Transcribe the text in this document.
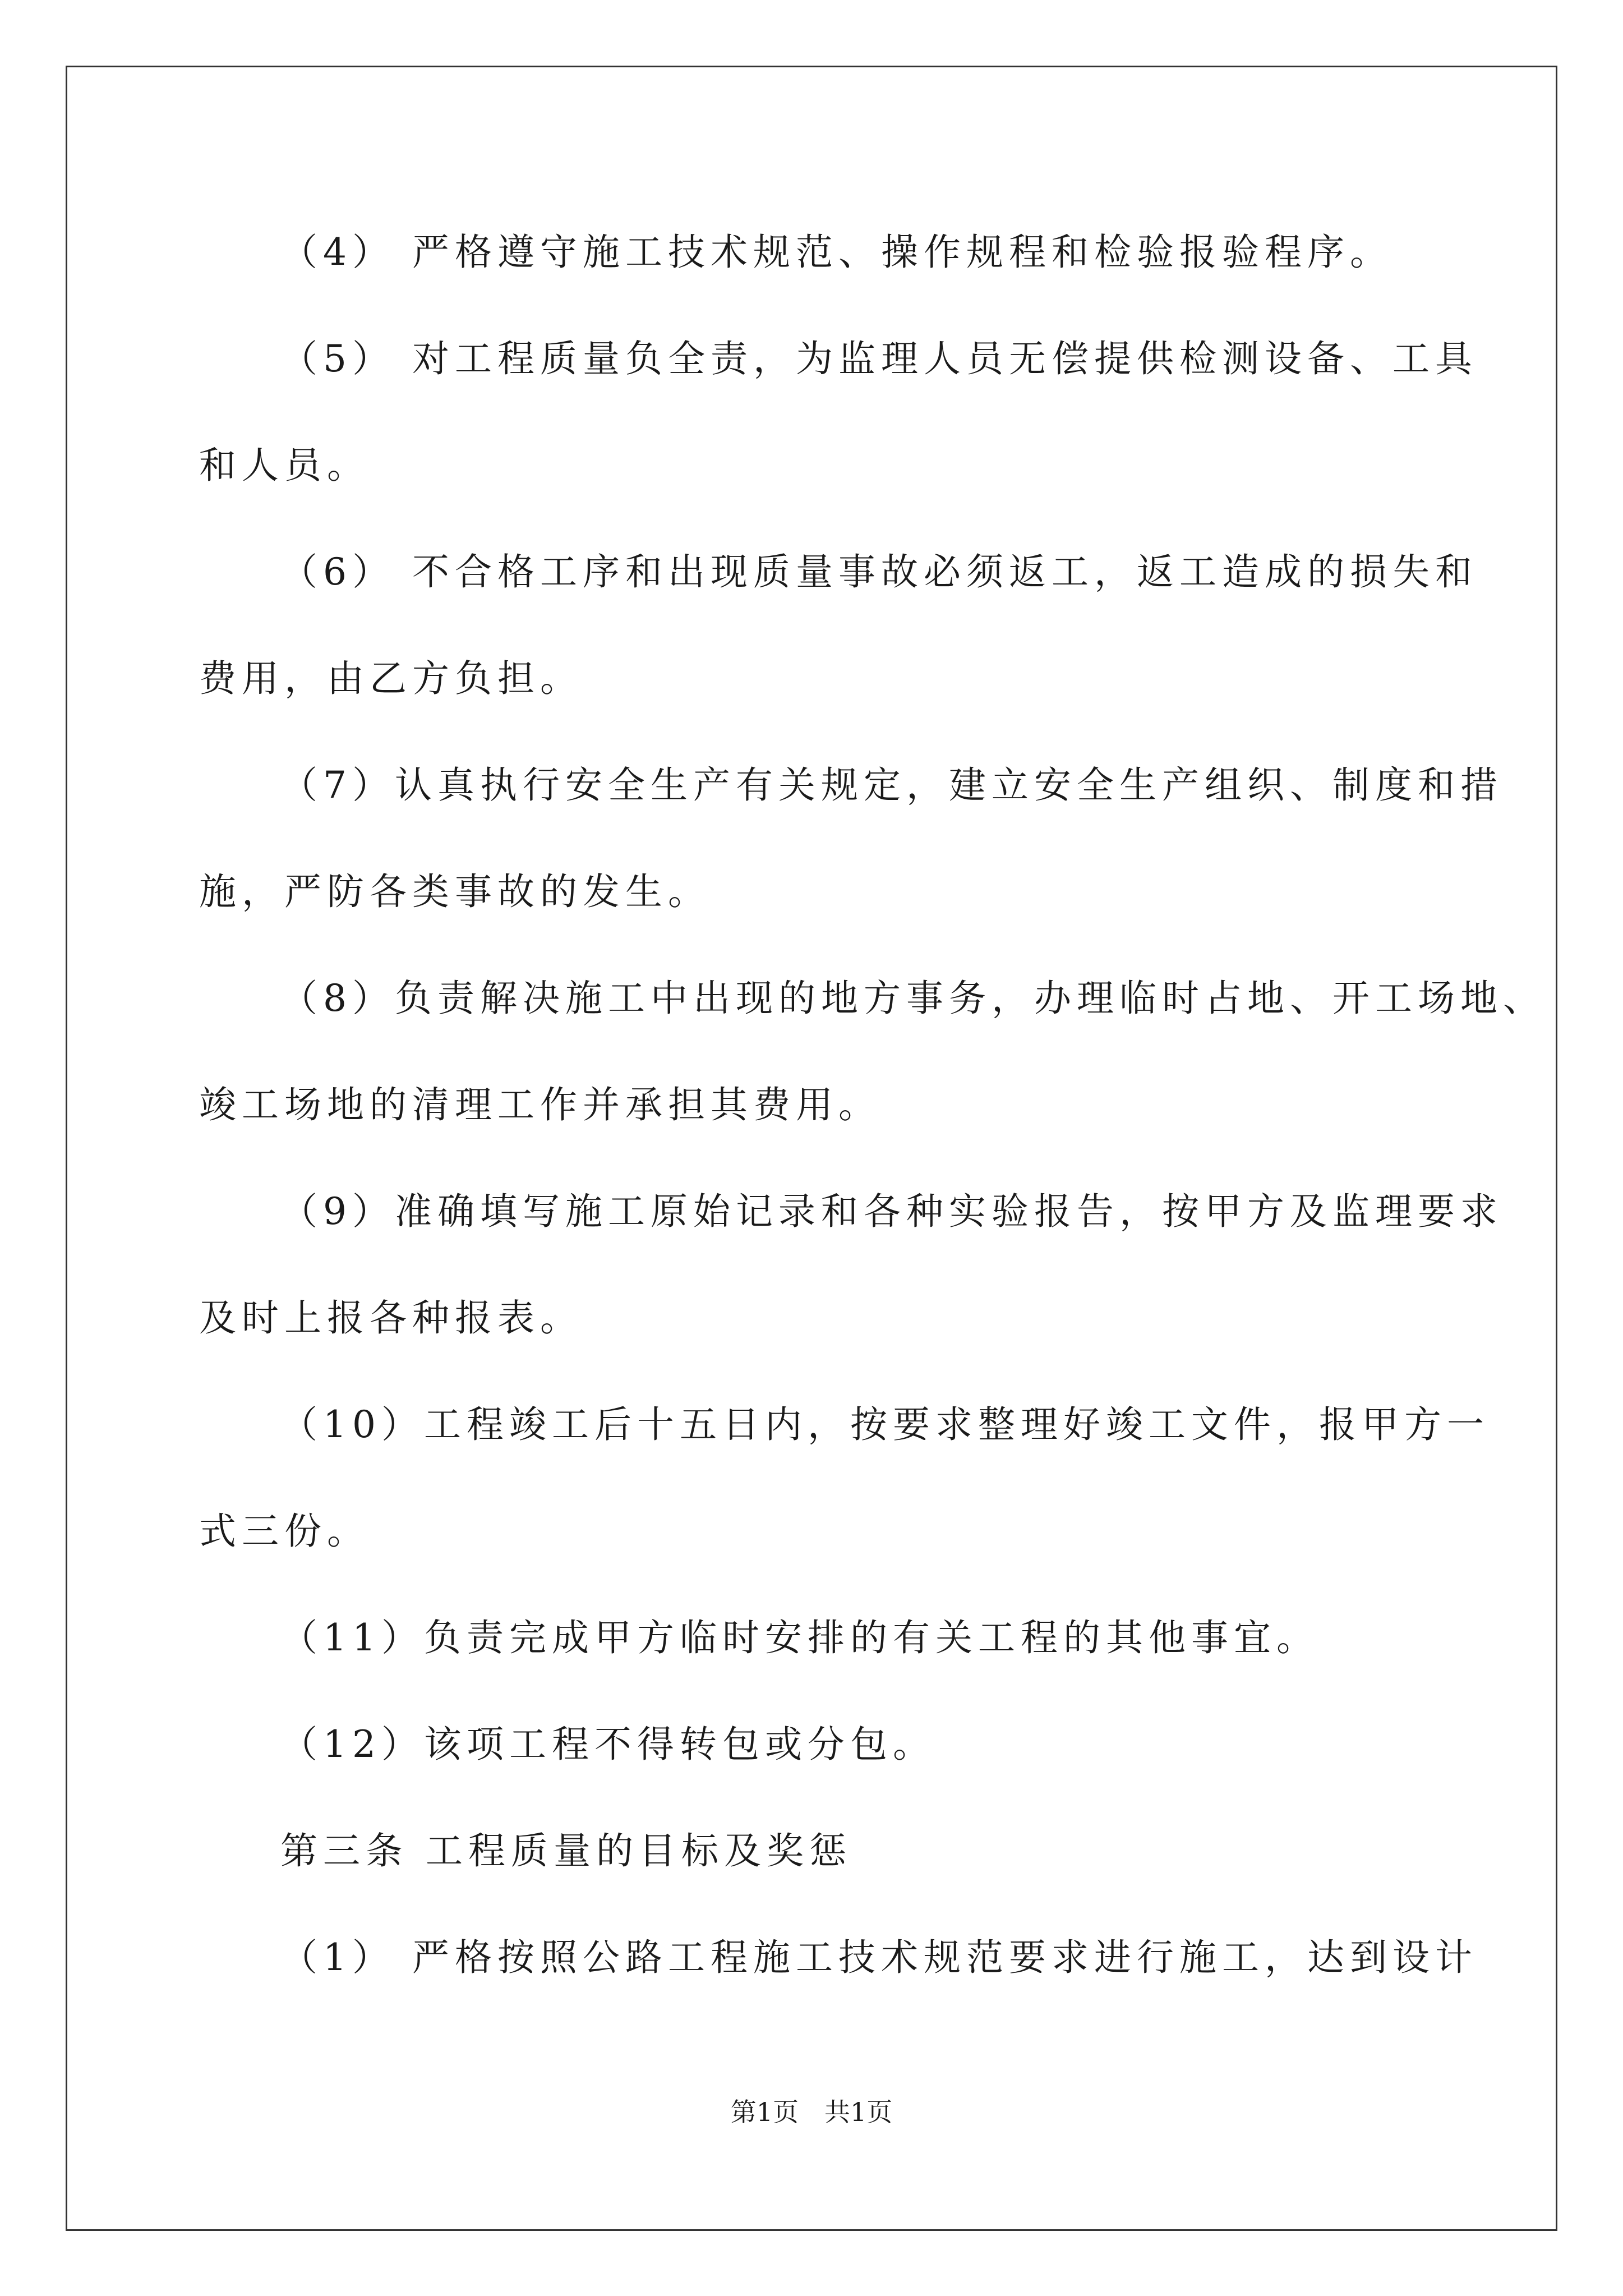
（4） 严格遵守施工技术规范、操作规程和检验报验程序。
（5） 对工程质量负全责，为监理人员无偿提供检测设备、工具
和人员。
（6） 不合格工序和出现质量事故必须返工，返工造成的损失和
费用，由乙方负担。
（7）认真执行安全生产有关规定，建立安全生产组织、制度和措
施，严防各类事故的发生。
（8）负责解决施工中出现的地方事务，办理临时占地、开工场地、
竣工场地的清理工作并承担其费用。
（9）准确填写施工原始记录和各种实验报告，按甲方及监理要求
及时上报各种报表。
（10）工程竣工后十五日内，按要求整理好竣工文件，报甲方一
式三份。
（11）负责完成甲方临时安排的有关工程的其他事宜。
（12）该项工程不得转包或分包。
第三条 工程质量的目标及奖惩
（1） 严格按照公路工程施工技术规范要求进行施工，达到设计
第1页　共1页
